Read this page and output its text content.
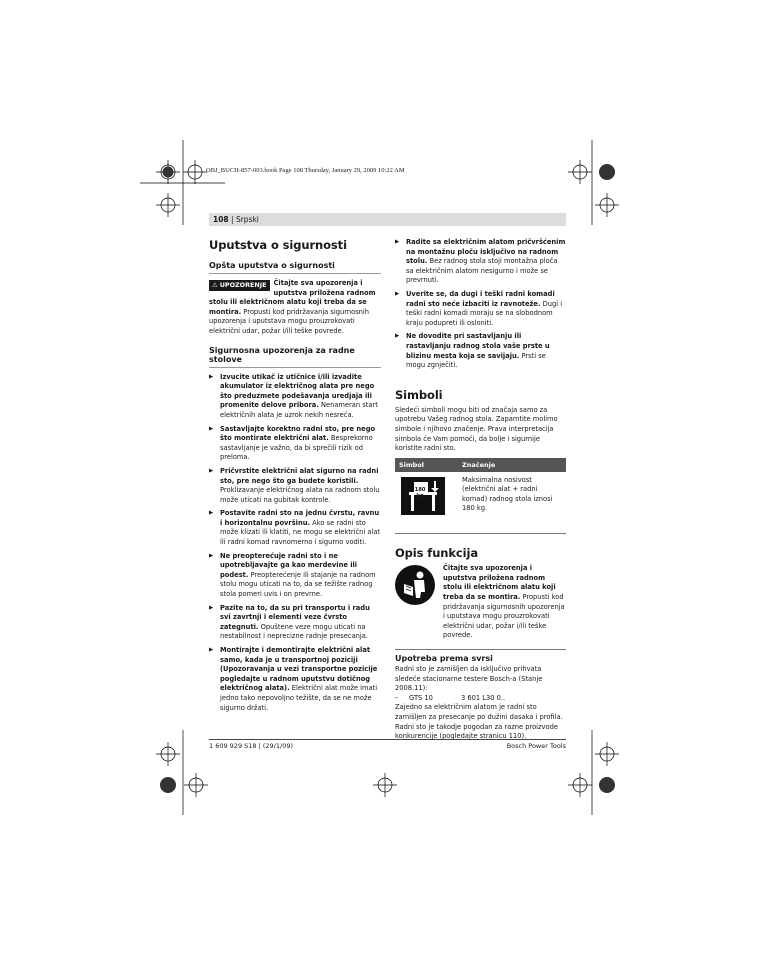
OBJ_BUCH-857-003.book Page 108 Thursday, January 29, 2009 10:22 AM
108 | Srpski
Uputstva o sigurnosti
Opšta uputstva o sigurnosti

⚠ UPOZORENJE	Čitajte sva upozorenja i uputstva priložena radnom stolu ili električnom alatu koji treba da se montira. Propusti kod pridržavanja sigurnosnih upozorenja i uputstava mogu prouzrokovati električni udar, požar i/ili teške povrede.

Sigurnosna upozorenja za radne stolove
▶ Izvucite utikač iz utičnice i/ili izvadite akumulator iz električnog alata pre nego što preduzmete podešavanja uredjaja ili promenite delove pribora. Nenameran start električnih alata je uzrok nekih nesreća.
▶ Sastavljajte korektno radni sto, pre nego što montirate električni alat. Besprekorno sastavljanje je važno, da bi sprečili rizik od preloma.
▶ Pričvrstite električni alat sigurno na radni sto, pre nego što ga budete koristili. Proklizavanje električnog alata na radnom stolu može uticati na gubitak kontrole.
▶ Postavite radni sto na jednu čvrstu, ravnu i horizontalnu površinu. Ako se radni sto može klizati ili klatiti, ne mogu se električni alat ili radni komad ravnomerno i sigurno voditi.
▶ Ne preopterećuje radni sto i ne upotrebljavajte ga kao merdevine ili podest. Preopterećenje ili stajanje na radnom stolu mogu uticati na to, da se težište radnog stola pomeri uvis i on prevrne.
▶ Pazite na to, da su pri transportu i radu svi zavrtnji i elementi veze čvrsto zategnuti. Opuštene veze mogu uticati na nestabilnost i nepreciznе radnje presecanja.
▶ Montirajte i demontirajte električni alat samo, kada je u transportnoj poziciji (Upozoravanja u vezi transportne pozicije pogledajte u radnom uputstvu dotičnog električnog alata). Električni alat može imati jedno tako nepovoljno težište, da se ne može sigurno držati.
▶ Radite sa električnim alatom pričvršćenim na montažnu ploču isključivo na radnom stolu. Bez radnog stola stoji montažna ploča sa električnim alatom nesigurno i može se prevrnuti.
▶ Uverite se, da dugi i teški radni komadi radni sto neće izbaciti iz ravnoteže. Dugi i teški radni komadi moraju se na slobodnom kraju podupreti ili osloniti.
▶ Ne dovodite pri sastavljanju ili rastavljanju radnog stola vaše prste u blizinu mesta koja se savijaju. Prsti se mogu zgnječiti.
Simboli

Sledeći simboli mogu biti od značaja samo za upotrebu Vašeg radnog stola. Zapamtite molimo simbole i njihovo značenje. Prava interpretacija simbola će Vam pomoći, da bolje i sigurnije koristite radni sto.

Simbol	Značenje

180 kg	Maksimalna nosivost (električni alat + radni komad) radnog stola iznosi 180 kg.
Opis funkcija

Čitajte sva upozorenja i uputstva priložena radnom stolu ili električnom alatu koji treba da se montira. Propusti kod pridržavanja sigurnosnih upozorenja i uputstava mogu prouzrokovati električni udar, požar i/ili teške povrede.

Upotreba prema svrsi

Radni sto je zamišljen da isključivo prihvata sledeće stacionarne testere Bosch-a (Stanje 2008.11):

– GTS 10	3 601 L30 0..

Zajedno sa električnim alatom je radni sto zamišljen za presecanje po dužini dasaka i profila.

Radni sto je takodje pogodan za razne proizvode konkurencije (pogledajte stranicu 110).

1 609 929 S18 | (29/1/09)	Bosch Power Tools
